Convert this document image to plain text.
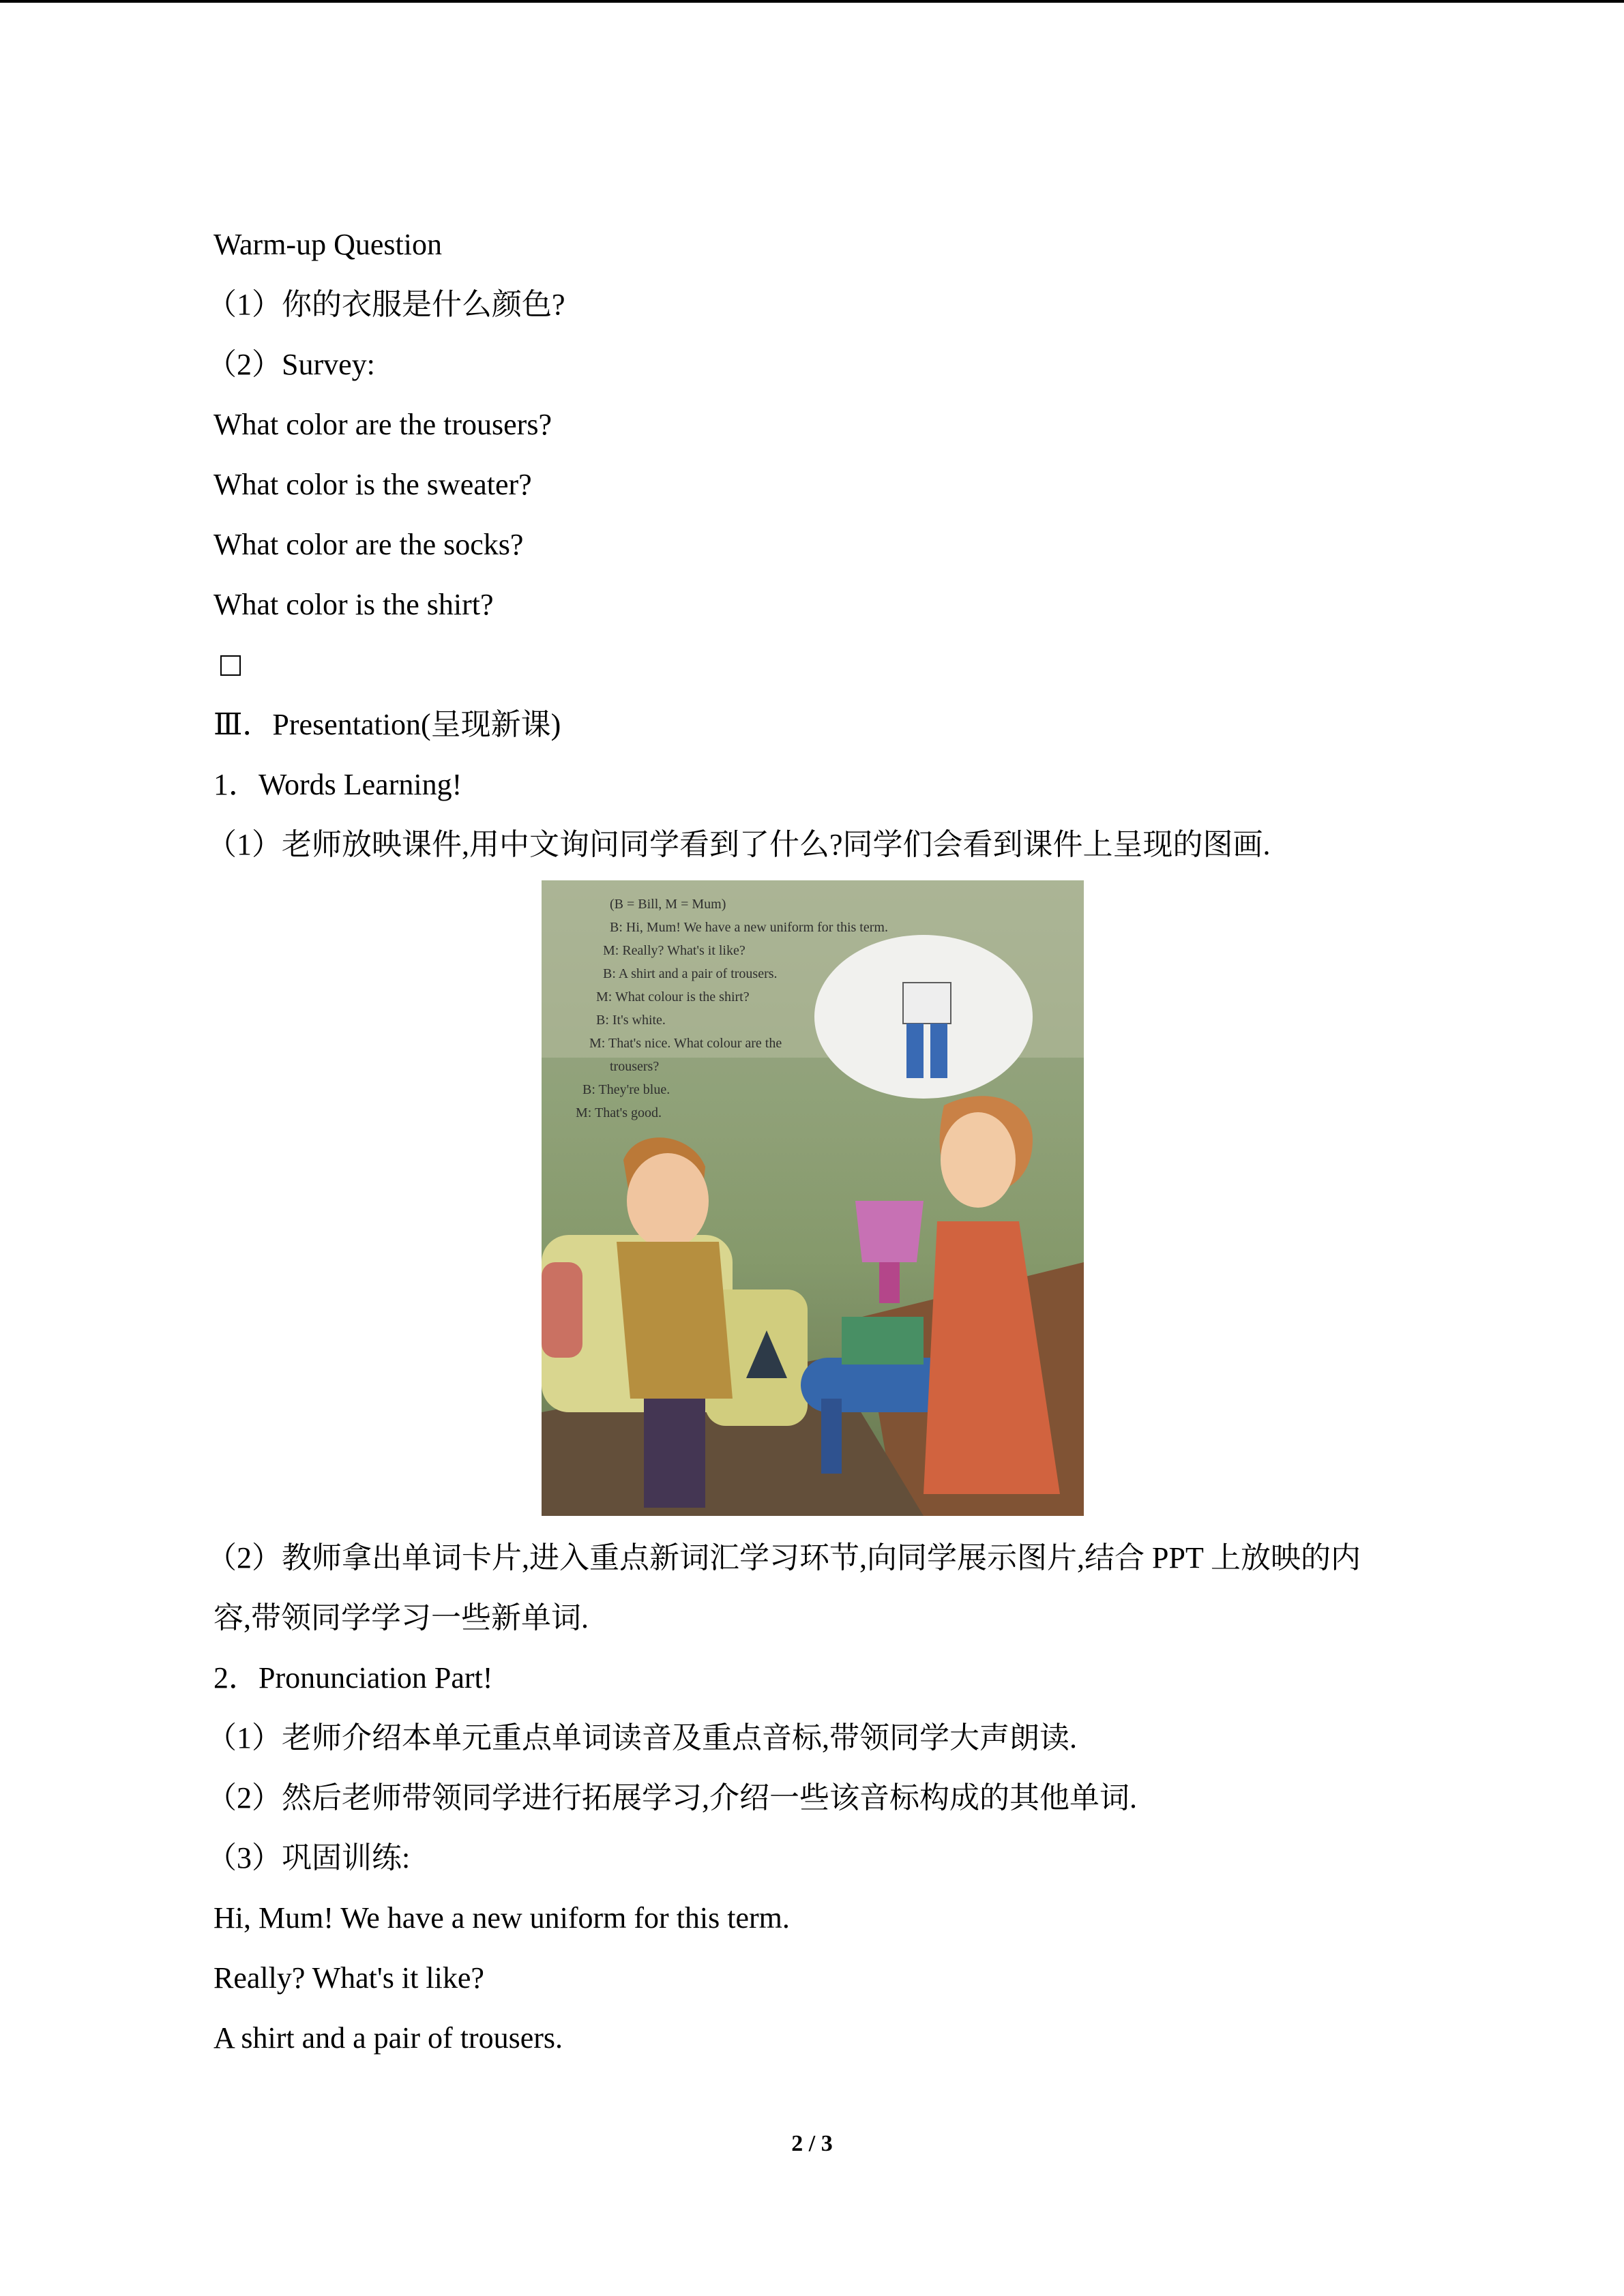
Warm-up Question
（1）你的衣服是什么颜色?
（2）Survey:
What color are the trousers?
What color is the sweater?
What color are the socks?
What color is the shirt?
Ⅲ．Presentation(呈现新课)
1．Words Learning!
（1）老师放映课件,用中文询问同学看到了什么?同学们会看到课件上呈现的图画.
(B = Bill, M = Mum)
B: Hi, Mum! We have a new uniform for this term.
M: Really? What's it like?
B: A shirt and a pair of trousers.
M: What colour is the shirt?
B: It's white.
M: That's nice. What colour are the
trousers?
B: They're blue.
M: That's good.
（2）教师拿出单词卡片,进入重点新词汇学习环节,向同学展示图片,结合 PPT 上放映的内
容,带领同学学习一些新单词.
2．Pronunciation Part!
（1）老师介绍本单元重点单词读音及重点音标,带领同学大声朗读.
（2）然后老师带领同学进行拓展学习,介绍一些该音标构成的其他单词.
（3）巩固训练:
Hi, Mum! We have a new uniform for this term.
Really? What's it like?
A shirt and a pair of trousers.
2 / 3
